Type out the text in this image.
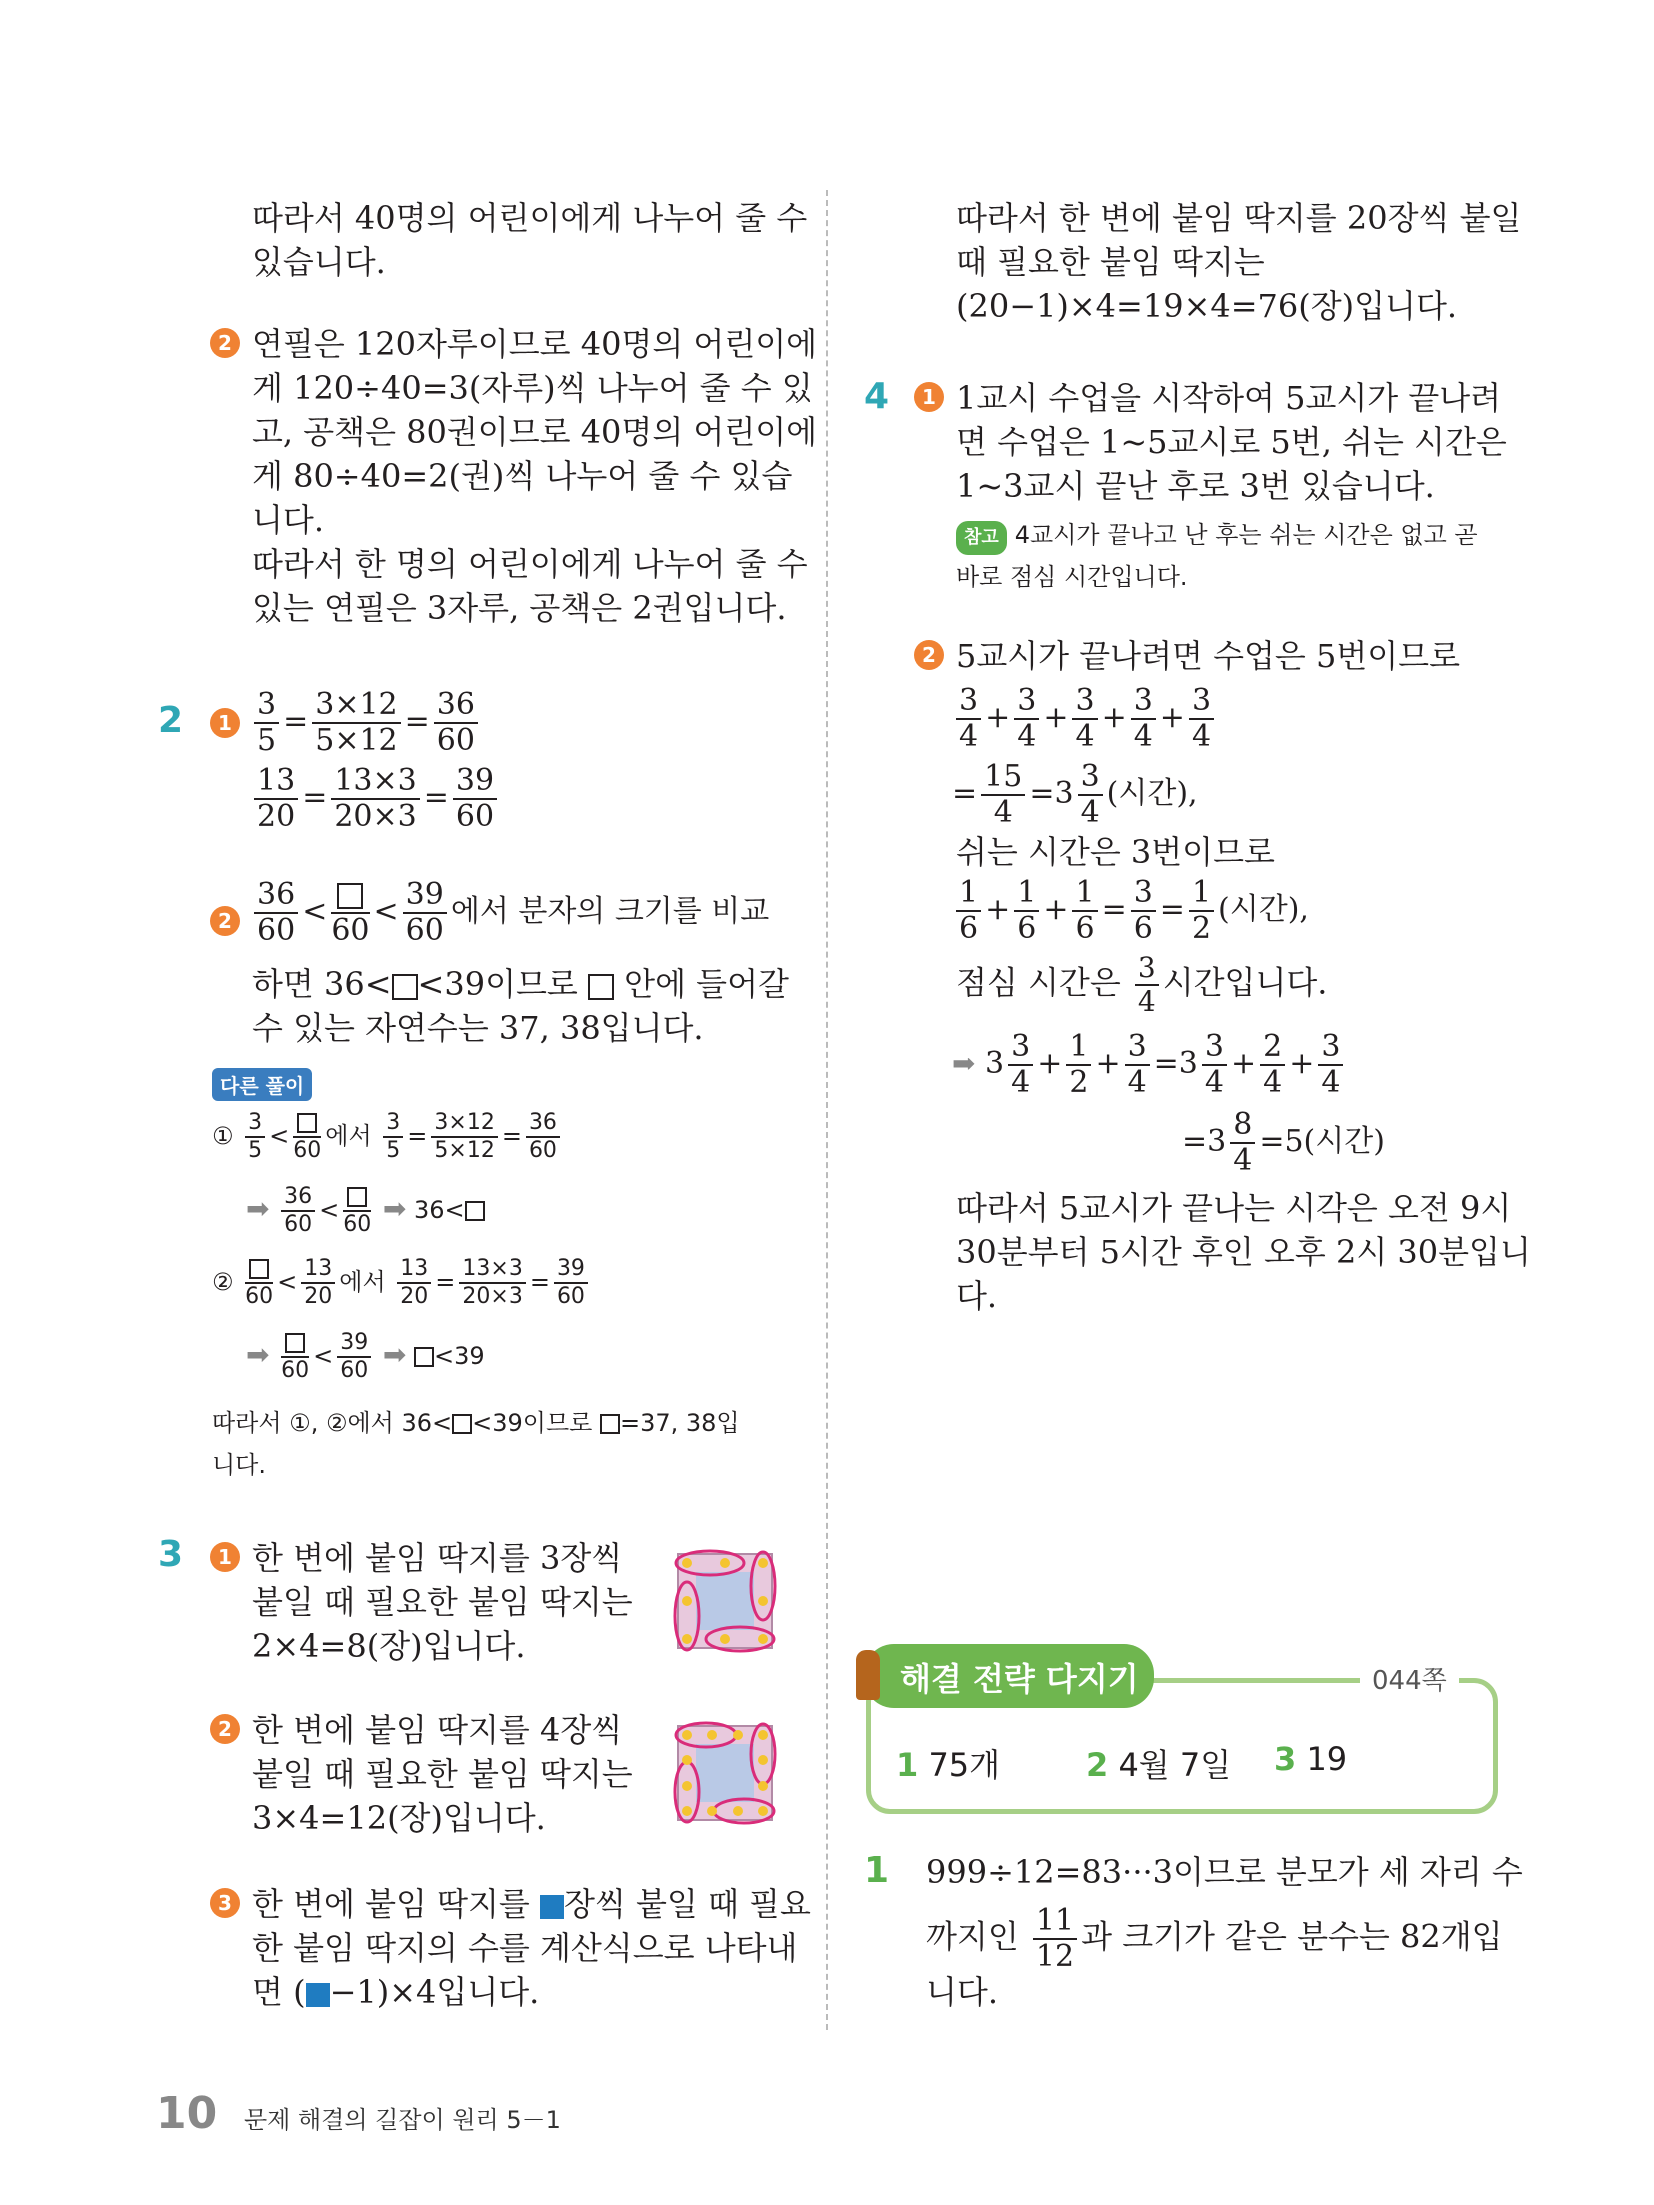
따라서 40명의 어린이에게 나누어 줄 수
있습니다.
2 연필은 120자루이므로 40명의 어린이에
게 120÷40=3(자루)씩 나누어 줄 수 있
고, 공책은 80권이므로 40명의 어린이에
게 80÷40=2(권)씩 나누어 줄 수 있습
니다.
따라서 한 명의 어린이에게 나누어 줄 수
있는 연필은 3자루, 공책은 2권입니다.
2	$1 \frac{3}{5} = \frac{3\times 12}{5\times 12} = \frac{36}{60}$
$\frac{13}{20} = \frac{13\times 3}{20\times 3} = \frac{39}{60}$
$2 \frac{36}{60}$ <
60
< $\frac{39}{60}$ 에서 분자의 크기를 비교
하면 36< <39이므로 안에 들어갈
수 있는 자연수는 37, 38입니다.
다른 풀이
① $\frac{3}{5}$ <
60
에서 $\frac{3}{5} = \frac{3\times 12}{5\times 12} = \frac{36}{60}$
➡ $\frac{36}{60}$ <
60 ➡ 36<
②
60
< $\frac{13}{20}$ 에서 $\frac{13}{20} = \frac{13\times 3}{20\times 3} = \frac{39}{60}$
➡ 60
< $\frac{39}{60}$ ➡ <39
따라서 ①, ②에서 36< <39이므로 =37, 38입
니다.
3	1 한 변에 붙임 딱지를 3장씩
붙일 때 필요한 붙임 딱지는
2×4=8(장)입니다.
2 한 변에 붙임 딱지를 4장씩
붙일 때 필요한 붙임 딱지는
3×4=12(장)입니다.
3 한 변에 붙임 딱지를 장씩 붙일 때 필요
한 붙임 딱지의 수를 계산식으로 나타내
면 ( −1)×4입니다.
따라서 한 변에 붙임 딱지를 20장씩 붙일
때 필요한 붙임 딱지는
(20−1)×4=19×4=76(장)입니다.
4	1 1교시 수업을 시작하여 5교시가 끝나려
면 수업은 1~5교시로 5번, 쉬는 시간은
1~3교시 끝난 후로 3번 있습니다.
참고 4교시가 끝나고 난 후는 쉬는 시간은 없고 곧
바로 점심 시간입니다.
2 5교시가 끝나려면 수업은 5번이므로
$\frac{3}{4} + \frac{3}{4} + \frac{3}{4} + \frac{3}{4} + \frac{3}{4}$
= $\frac{15}{4} =3 \frac{3}{4}$ (시간),
쉬는 시간은 3번이므로
$\frac{1}{6} + \frac{1}{6} + \frac{1}{6} = \frac{3}{6} = \frac{1}{2}$ (시간),
점심 시간은 $\frac{3}{4}$ 시간입니다.
➡ $3 \frac{3}{4} + \frac{1}{2} + \frac{3}{4} =3 \frac{3}{4} + \frac{2}{4} + \frac{3}{4}$
$=3 \frac{8}{4} =5$(시간)
따라서 5교시가 끝나는 시각은 오전 9시
30분부터 5시간 후인 오후 2시 30분입니
다.
해결 전략 다지기	044쪽
1 75개	2 4월 7일 3 19
1 999÷12=83···3이므로 분모가 세 자리 수
까지인 $\frac{11}{12}$ 과 크기가 같은 분수는 82개입
니다.
10 문제 해결의 길잡이 원리 5－1
